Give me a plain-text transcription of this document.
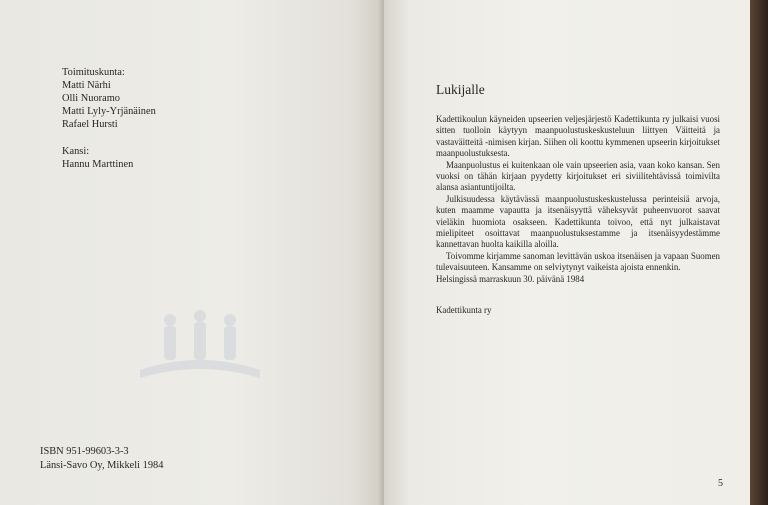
Toimituskunta:
Matti Närhi
Olli Nuoramo
Matti Lyly-Yrjänäinen
Rafael Hursti
Kansi:
Hannu Marttinen
ISBN 951-99603-3-3
Länsi-Savo Oy, Mikkeli 1984
Lukijalle

Kadettikoulun käyneiden upseerien veljesjärjestö Kadettikunta ry julkaisi vuosi sitten tuolloin käytyyn maanpuolustuskeskusteluun liittyen Väitteitä ja vastaväitteitä -nimisen kirjan. Siihen oli koottu kymmenen upseerin kirjoitukset maanpuolustuksesta.

Maanpuolustus ei kuitenkaan ole vain upseerien asia, vaan koko kansan. Sen vuoksi on tähän kirjaan pyydetty kirjoitukset eri siviilitehtävissä toimivilta alansa asiantuntijoilta.

Julkisuudessa käytävässä maanpuolustuskeskustelussa perinteisiä arvoja, kuten maamme vapautta ja itsenäisyyttä väheksyvät puheenvuorot saavat vieläkin huomiota osakseen. Kadettikunta toivoo, että nyt julkaistavat mielipiteet osoittavat maanpuolustuksestamme ja itsenäisyydestämme kannettavan huolta kaikilla aloilla.

Toivomme kirjamme sanoman levittävän uskoa itsenäisen ja vapaan Suomen tulevaisuuteen. Kansamme on selviytynyt vaikeista ajoista ennenkin.

Helsingissä marraskuun 30. päivänä 1984

Kadettikunta ry

5
